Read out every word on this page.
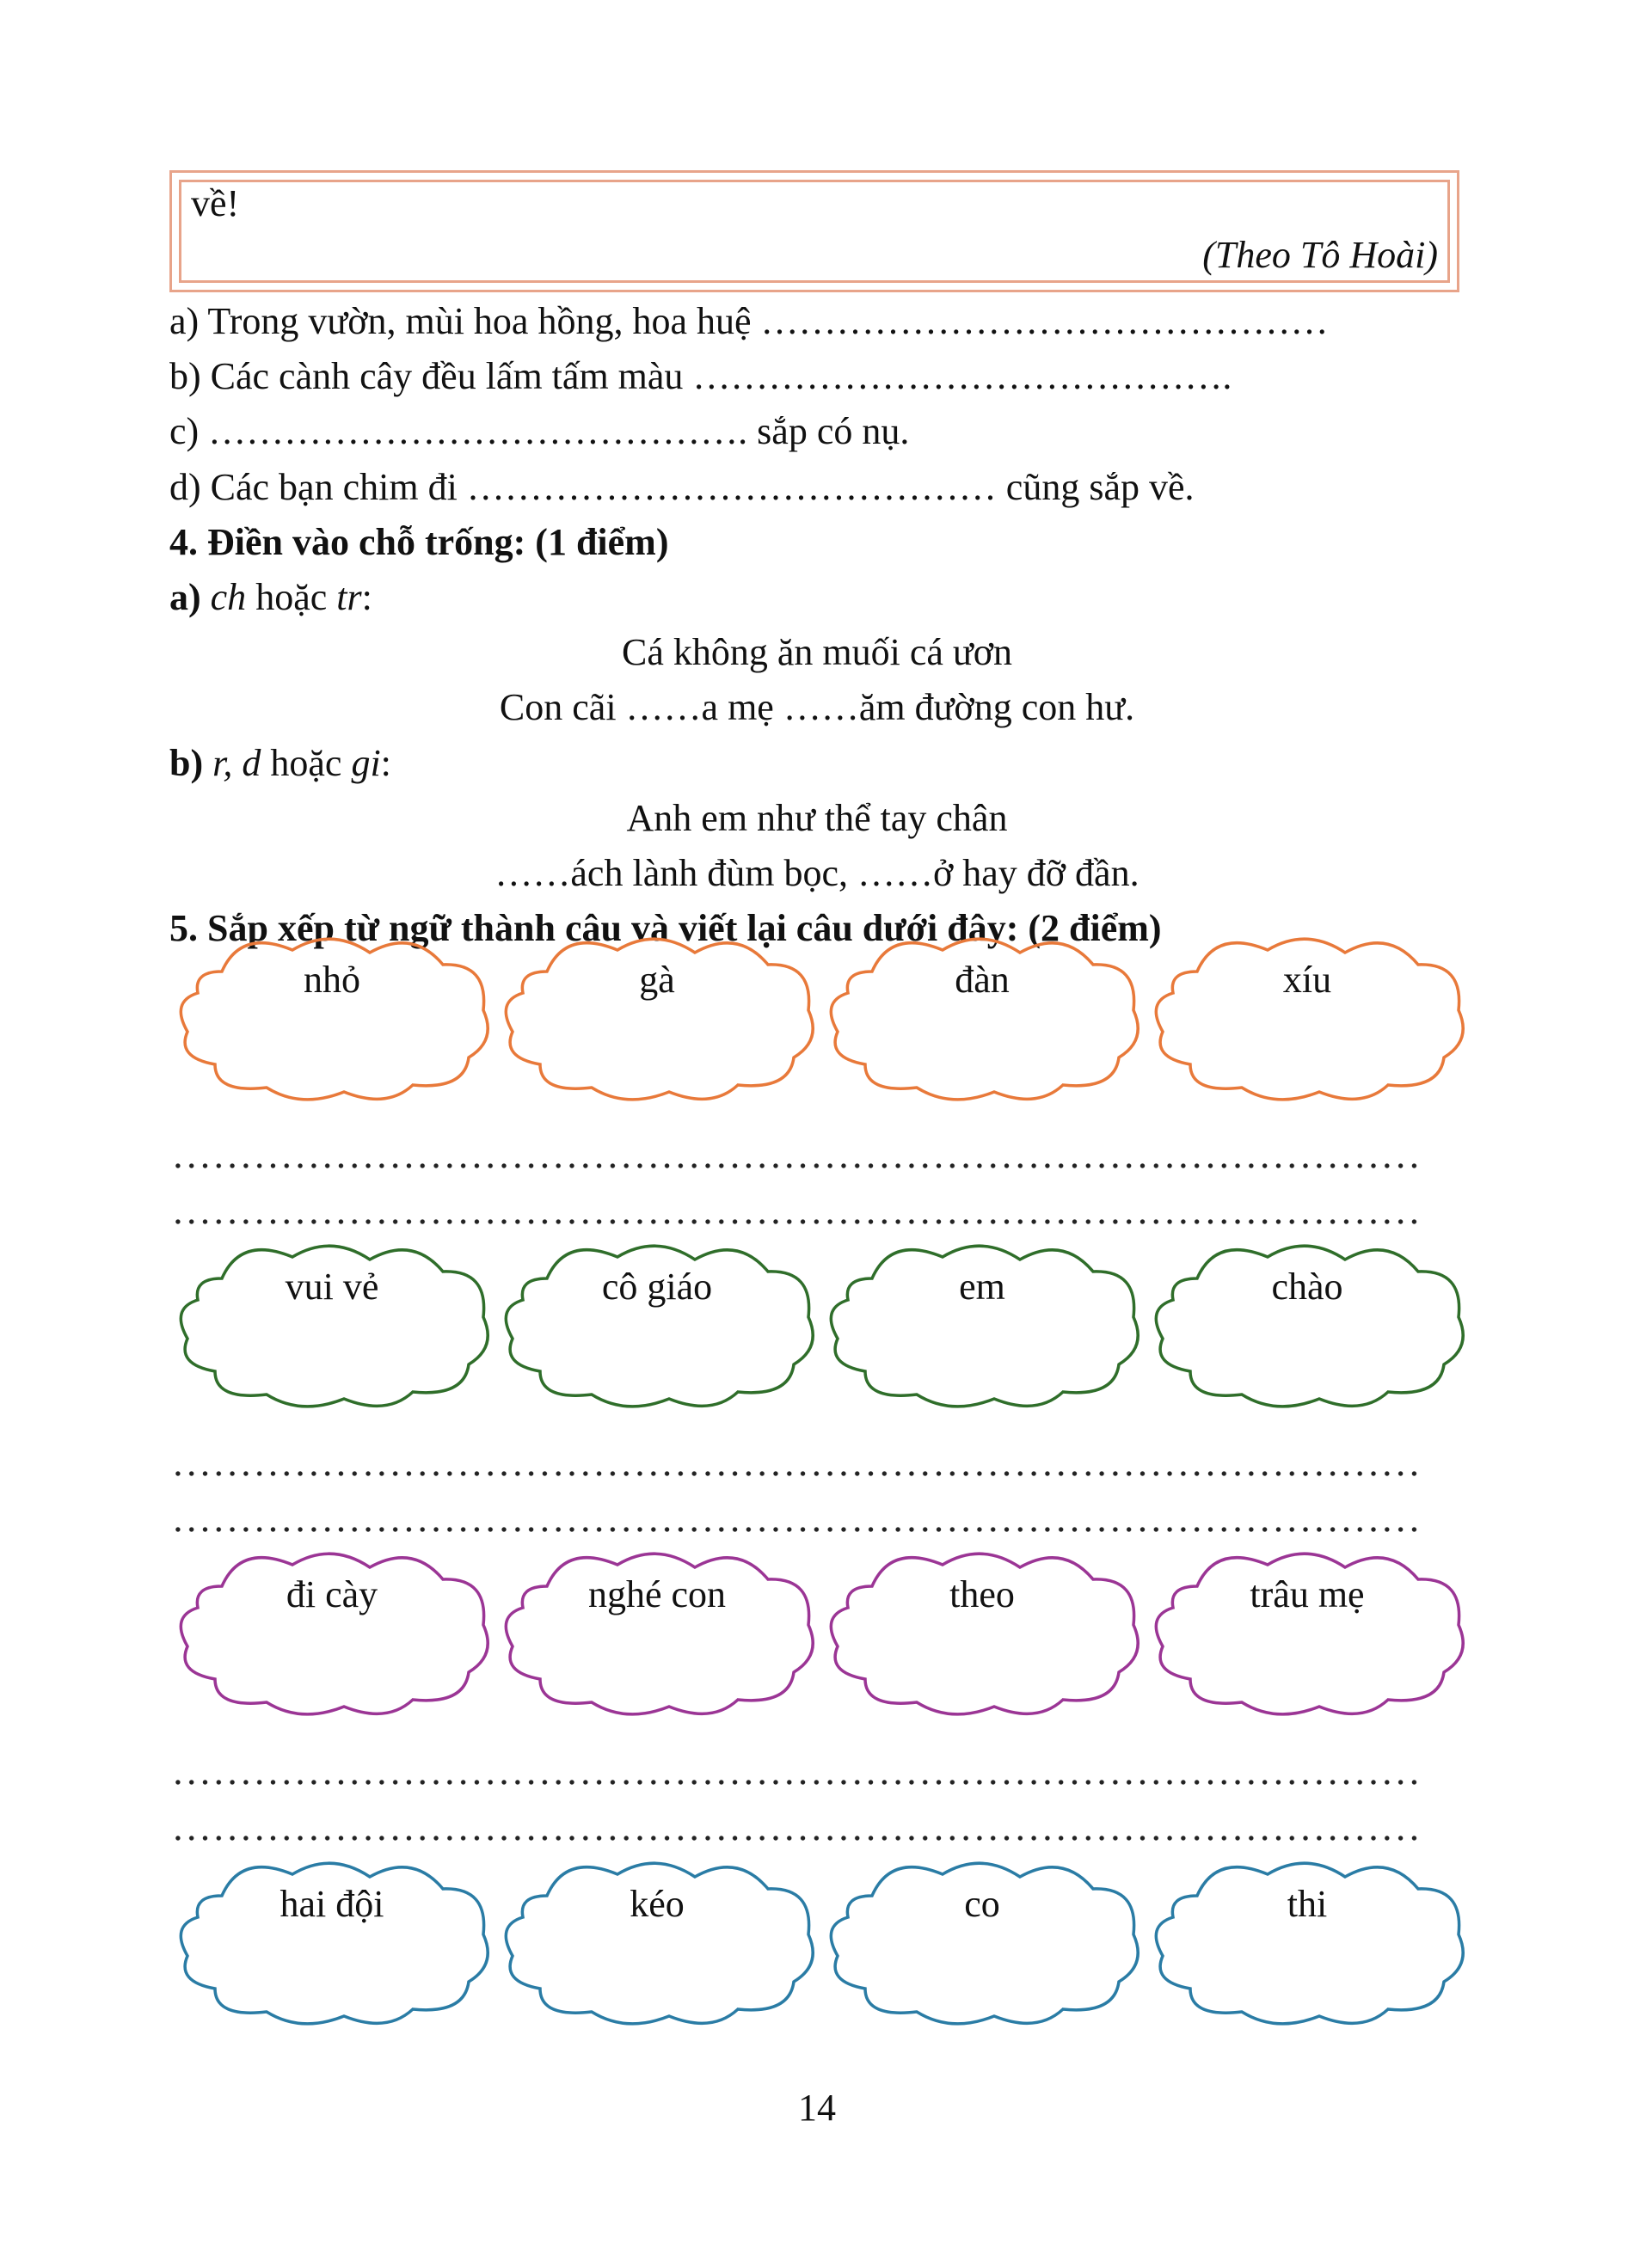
về!
(Theo Tô Hoài)
a) Trong vườn, mùi hoa hồng, hoa huệ ………………………………………
b) Các cành cây đều lấm tấm màu …………………………………….
c) ……………………………………. sắp có nụ.
d) Các bạn chim đi …………………………………… cũng sắp về.
4. Điền vào chỗ trống: (1 điểm)
a) ch hoặc tr:
Cá không ăn muối cá ươn
Con cãi ……a mẹ ……ăm đường con hư.
b) r, d hoặc gi:
Anh em như thể tay chân
……ách lành đùm bọc, ……ở hay đỡ đần.
5. Sắp xếp từ ngữ thành câu và viết lại câu dưới đây: (2 điểm)
nhỏ	gà	đàn	xíu
vui vẻ	cô giáo	em	chào
đi cày	nghé con	theo	trâu mẹ
hai đội	kéo	co	thi
14
